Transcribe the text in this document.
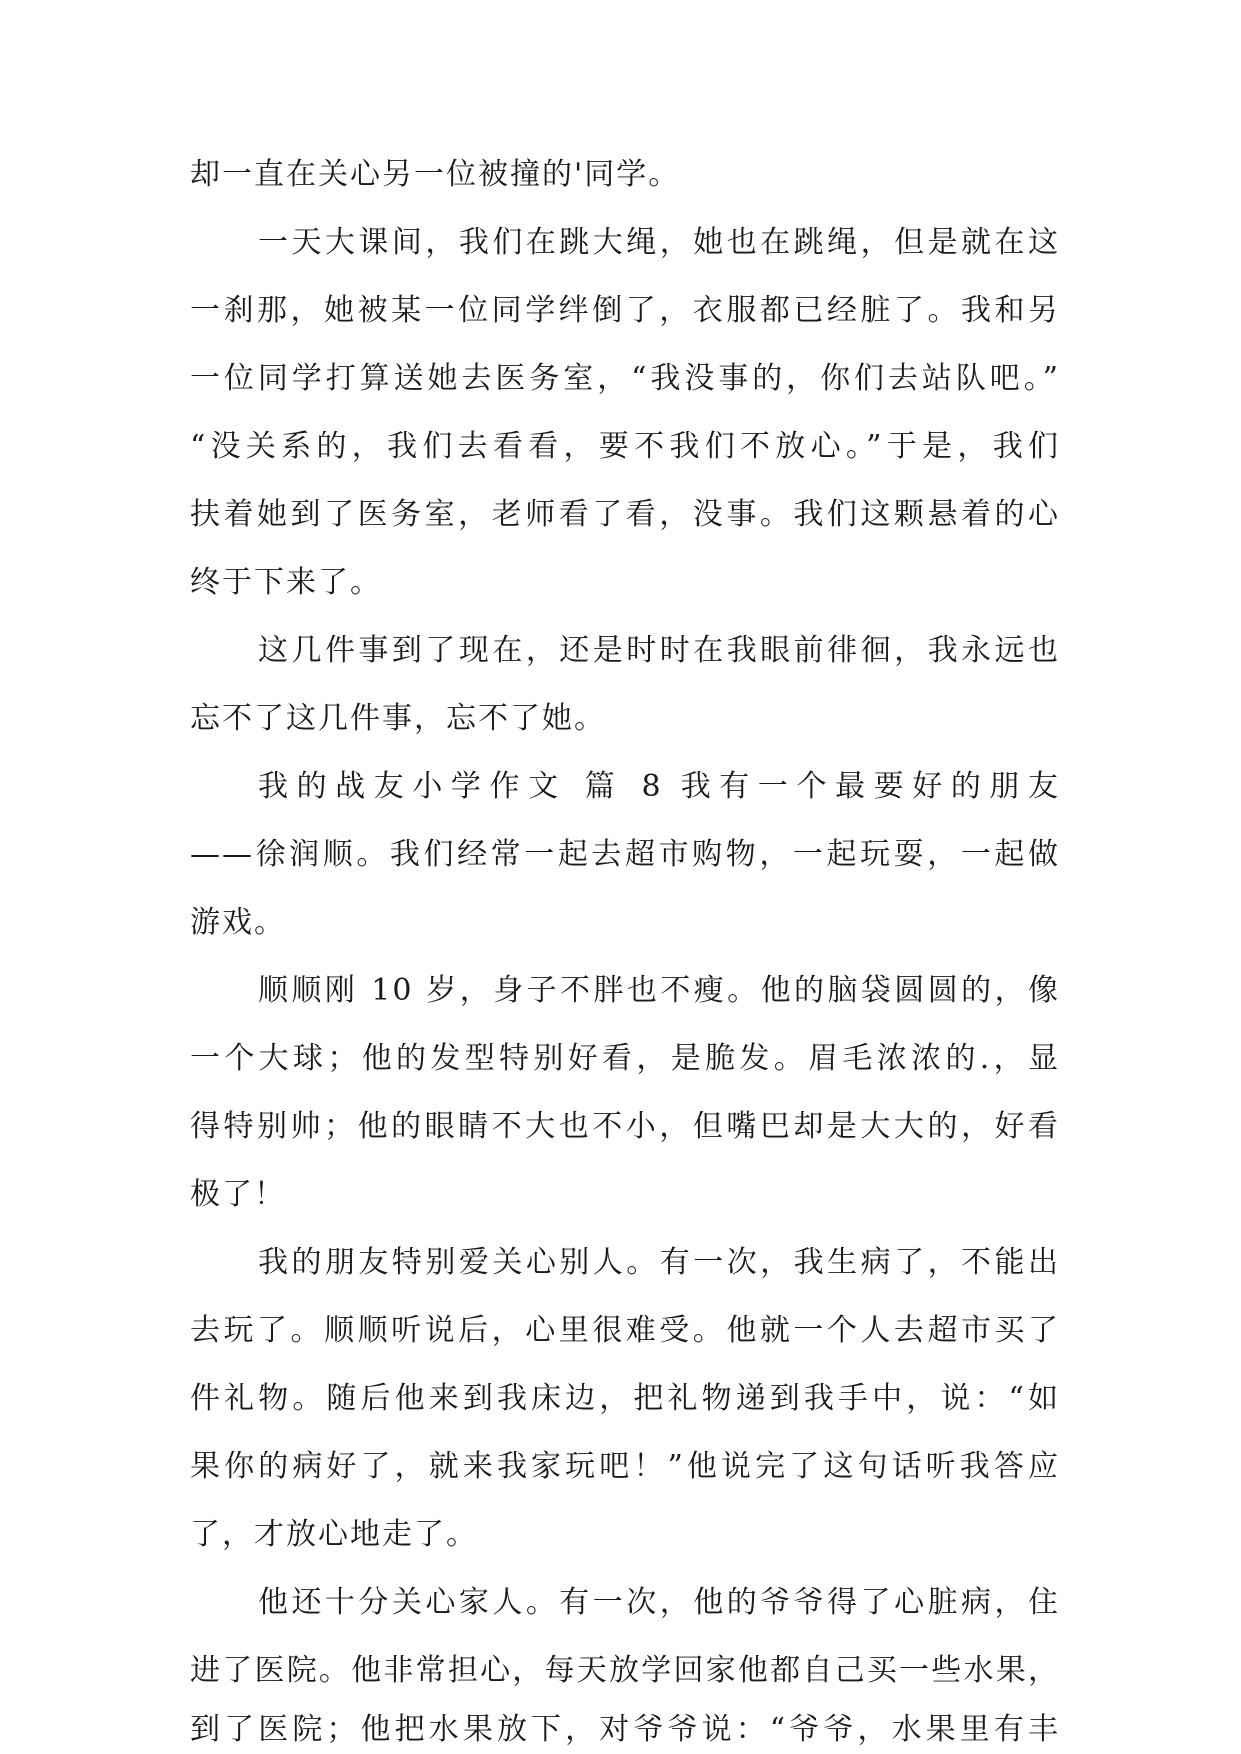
却一直在关心另一位被撞的'同学。
一天大课间，我们在跳大绳，她也在跳绳，但是就在这
一刹那，她被某一位同学绊倒了，衣服都已经脏了。我和另
一位同学打算送她去医务室，“我没事的，你们去站队吧。”
“没关系的，我们去看看，要不我们不放心。”于是，我们
扶着她到了医务室，老师看了看，没事。我们这颗悬着的心
终于下来了。
这几件事到了现在，还是时时在我眼前徘徊，我永远也
忘不了这几件事，忘不了她。
我的战友小学作文 篇 8 我有一个最要好的朋友
——徐润顺。我们经常一起去超市购物，一起玩耍，一起做
游戏。
顺顺刚 10 岁，身子不胖也不瘦。他的脑袋圆圆的，像
一个大球；他的发型特别好看，是脆发。眉毛浓浓的.，显
得特别帅；他的眼睛不大也不小，但嘴巴却是大大的，好看
极了！
我的朋友特别爱关心别人。有一次，我生病了，不能出
去玩了。顺顺听说后，心里很难受。他就一个人去超市买了
件礼物。随后他来到我床边，把礼物递到我手中，说：“如
果你的病好了，就来我家玩吧！”他说完了这句话听我答应
了，才放心地走了。
他还十分关心家人。有一次，他的爷爷得了心脏病，住
进了医院。他非常担心，每天放学回家他都自己买一些水果，
到了医院；他把水果放下，对爷爷说：“爷爷，水果里有丰
